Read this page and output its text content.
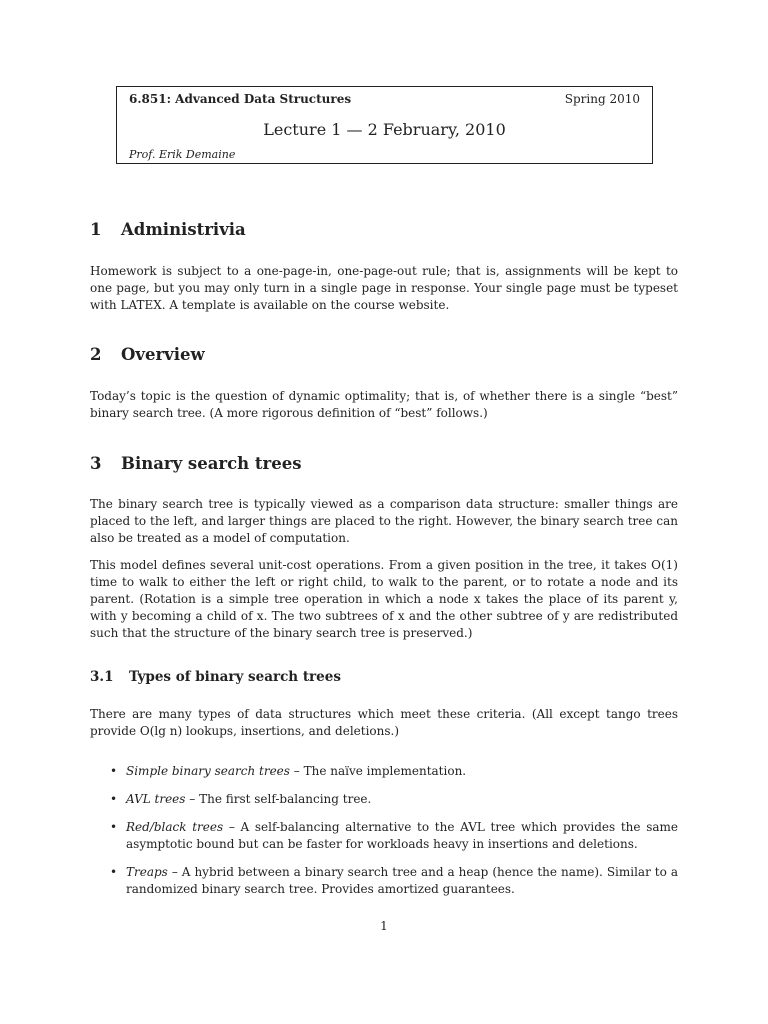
6.851: Advanced Data Structures	Spring 2010
Lecture 1 — 2 February, 2010
Prof. Erik Demaine
1 Administrivia

Homework is subject to a one-page-in, one-page-out rule; that is, assignments will be kept to one page, but you may only turn in a single page in response. Your single page must be typeset with LATEX. A template is available on the course website.

2 Overview

Today’s topic is the question of dynamic optimality; that is, of whether there is a single “best” binary search tree. (A more rigorous definition of “best” follows.)

3 Binary search trees

The binary search tree is typically viewed as a comparison data structure: smaller things are placed to the left, and larger things are placed to the right. However, the binary search tree can also be treated as a model of computation.

This model defines several unit-cost operations. From a given position in the tree, it takes O(1) time to walk to either the left or right child, to walk to the parent, or to rotate a node and its parent. (Rotation is a simple tree operation in which a node x takes the place of its parent y, with y becoming a child of x. The two subtrees of x and the other subtree of y are redistributed such that the structure of the binary search tree is preserved.)

3.1 Types of binary search trees

There are many types of data structures which meet these criteria. (All except tango trees provide O(lg n) lookups, insertions, and deletions.)

• Simple binary search trees – The naïve implementation.
• AVL trees – The first self-balancing tree.
• Red/black trees – A self-balancing alternative to the AVL tree which provides the same asymptotic bound but can be faster for workloads heavy in insertions and deletions.
• Treaps – A hybrid between a binary search tree and a heap (hence the name). Similar to a randomized binary search tree. Provides amortized guarantees.
1
